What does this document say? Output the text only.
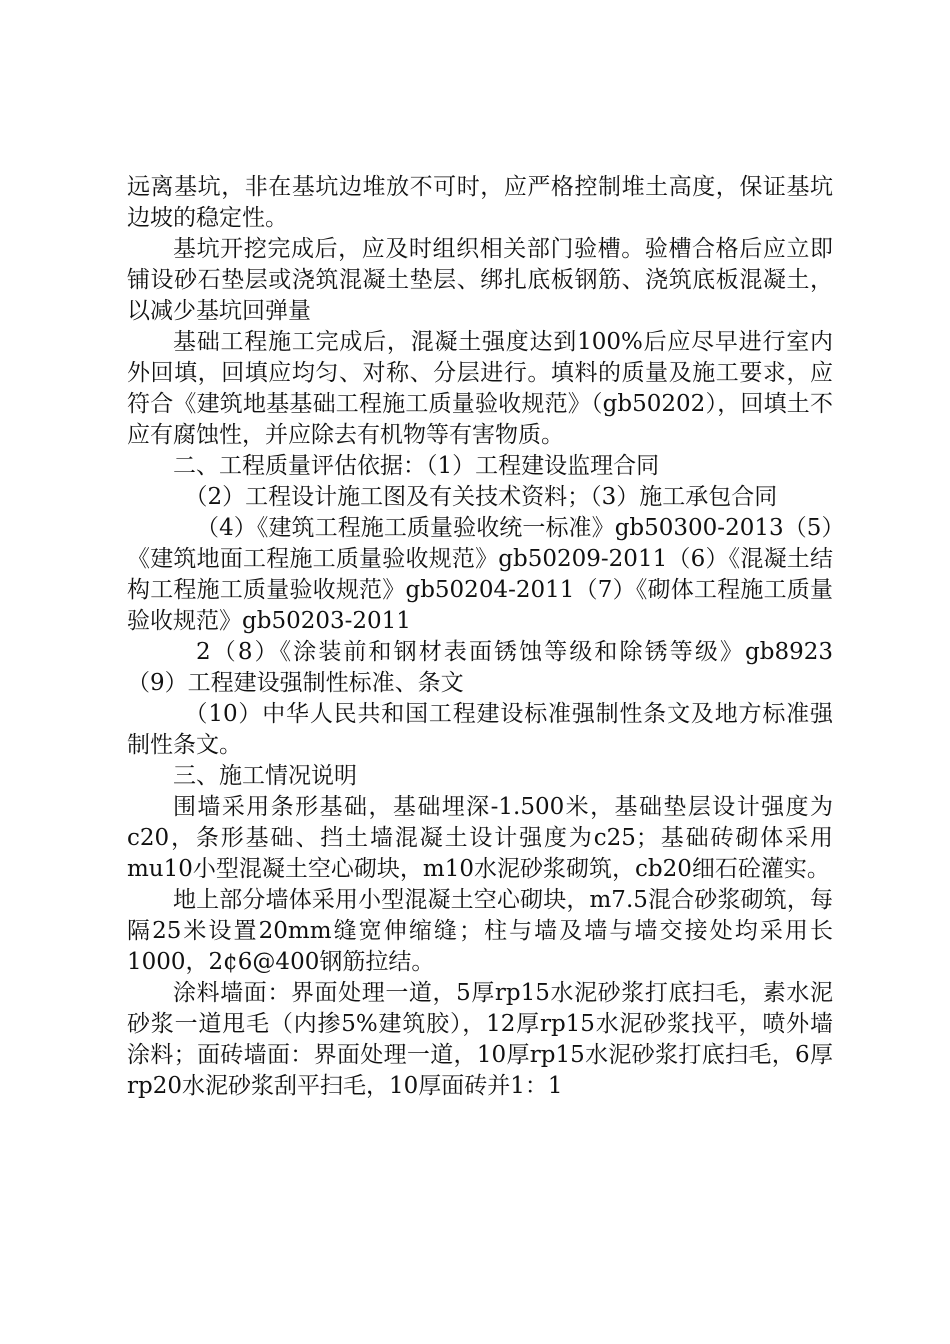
远离基坑，非在基坑边堆放不可时，应严格控制堆土高度，保证基坑边坡的稳定性。

基坑开挖完成后，应及时组织相关部门验槽。验槽合格后应立即铺设砂石垫层或浇筑混凝土垫层、绑扎底板钢筋、浇筑底板混凝土，以减少基坑回弹量

基础工程施工完成后，混凝土强度达到100%后应尽早进行室内外回填，回填应均匀、对称、分层进行。填料的质量及施工要求，应符合《建筑地基基础工程施工质量验收规范》（gb50202），回填土不应有腐蚀性，并应除去有机物等有害物质。

二、工程质量评估依据：（1）工程建设监理合同

（2）工程设计施工图及有关技术资料；（3）施工承包合同

（4）《建筑工程施工质量验收统一标准》gb50300-2013（5）《建筑地面工程施工质量验收规范》gb50209-2011（6）《混凝土结构工程施工质量验收规范》gb50204-2011（7）《砌体工程施工质量验收规范》gb50203-2011

2（8）《涂装前和钢材表面锈蚀等级和除锈等级》gb8923（9）工程建设强制性标准、条文

（10）中华人民共和国工程建设标准强制性条文及地方标准强制性条文。

三、施工情况说明

围墙采用条形基础，基础埋深-1.500米，基础垫层设计强度为c20，条形基础、挡土墙混凝土设计强度为c25；基础砖砌体采用mu10小型混凝土空心砌块，m10水泥砂浆砌筑，cb20细石砼灌实。

地上部分墙体采用小型混凝土空心砌块，m7.5混合砂浆砌筑，每隔25米设置20mm缝宽伸缩缝；柱与墙及墙与墙交接处均采用长1000，2¢6@400钢筋拉结。

涂料墙面：界面处理一道，5厚rp15水泥砂浆打底扫毛，素水泥砂浆一道甩毛（内掺5%建筑胶），12厚rp15水泥砂浆找平，喷外墙涂料；面砖墙面：界面处理一道，10厚rp15水泥砂浆打底扫毛，6厚rp20水泥砂浆刮平扫毛，10厚面砖并1：1
